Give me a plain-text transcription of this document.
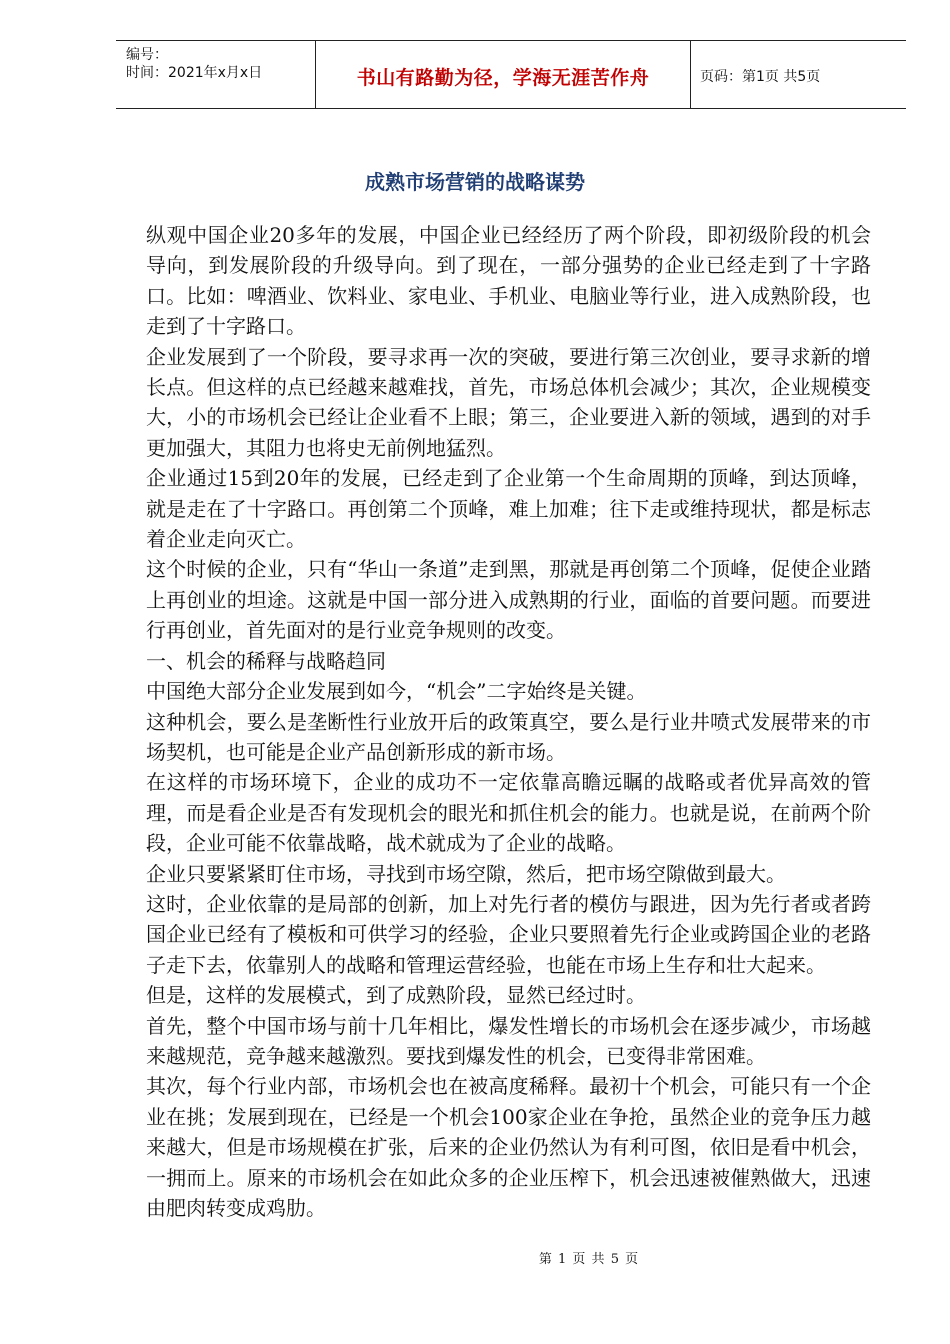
编号：
时间：2021年x月x日	书山有路勤为径，学海无涯苦作舟	页码：第1页 共5页
成熟市场营销的战略谋势

纵观中国企业20多年的发展，中国企业已经经历了两个阶段，即初级阶段的机会导向，到发展阶段的升级导向。到了现在，一部分强势的企业已经走到了十字路口。比如：啤酒业、饮料业、家电业、手机业、电脑业等行业，进入成熟阶段，也走到了十字路口。

企业发展到了一个阶段，要寻求再一次的突破，要进行第三次创业，要寻求新的增长点。但这样的点已经越来越难找，首先，市场总体机会减少；其次，企业规模变大，小的市场机会已经让企业看不上眼；第三，企业要进入新的领域，遇到的对手更加强大，其阻力也将史无前例地猛烈。

企业通过15到20年的发展，已经走到了企业第一个生命周期的顶峰，到达顶峰，就是走在了十字路口。再创第二个顶峰，难上加难；往下走或维持现状，都是标志着企业走向灭亡。

这个时候的企业，只有“华山一条道”走到黑，那就是再创第二个顶峰，促使企业踏上再创业的坦途。这就是中国一部分进入成熟期的行业，面临的首要问题。而要进行再创业，首先面对的是行业竞争规则的改变。

一、机会的稀释与战略趋同

中国绝大部分企业发展到如今，“机会”二字始终是关键。

这种机会，要么是垄断性行业放开后的政策真空，要么是行业井喷式发展带来的市场契机，也可能是企业产品创新形成的新市场。

在这样的市场环境下，企业的成功不一定依靠高瞻远瞩的战略或者优异高效的管理，而是看企业是否有发现机会的眼光和抓住机会的能力。也就是说，在前两个阶段，企业可能不依靠战略，战术就成为了企业的战略。

企业只要紧紧盯住市场，寻找到市场空隙，然后，把市场空隙做到最大。

这时，企业依靠的是局部的创新，加上对先行者的模仿与跟进，因为先行者或者跨国企业已经有了模板和可供学习的经验，企业只要照着先行企业或跨国企业的老路子走下去，依靠别人的战略和管理运营经验，也能在市场上生存和壮大起来。

但是，这样的发展模式，到了成熟阶段，显然已经过时。

首先，整个中国市场与前十几年相比，爆发性增长的市场机会在逐步减少，市场越来越规范，竞争越来越激烈。要找到爆发性的机会，已变得非常困难。

其次，每个行业内部，市场机会也在被高度稀释。最初十个机会，可能只有一个企业在挑；发展到现在，已经是一个机会100家企业在争抢，虽然企业的竞争压力越来越大，但是市场规模在扩张，后来的企业仍然认为有利可图，依旧是看中机会，一拥而上。原来的市场机会在如此众多的企业压榨下，机会迅速被催熟做大，迅速由肥肉转变成鸡肋。

第 1 页 共 5 页
